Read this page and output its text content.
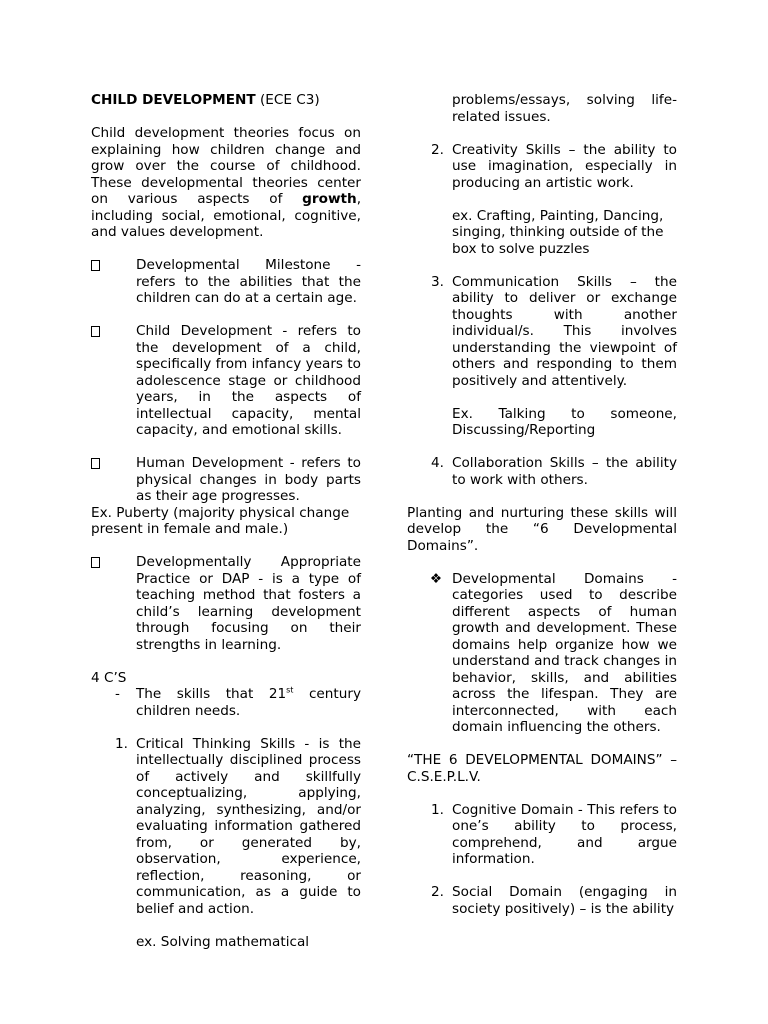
CHILD DEVELOPMENT (ECE C3)

Child development theories focus on explaining how children change and grow over the course of childhood. These developmental theories center on various aspects of growth, including social, emotional, cognitive, and values development.

Developmental Milestone - refers to the abilities that the children can do at a certain age.

Child Development - refers to the development of a child, specifically from infancy years to adolescence stage or childhood years, in the aspects of intellectual capacity, mental capacity, and emotional skills.

Human Development - refers to physical changes in body parts as their age progresses.

Ex. Puberty (majority physical change present in female and male.)

Developmentally Appropriate Practice or DAP - is a type of teaching method that fosters a child’s learning development through focusing on their strengths in learning.

4 C’S

-	The skills that 21st century children needs.

1. Critical Thinking Skills - is the intellectually disciplined process of actively and skillfully conceptualizing, applying, analyzing, synthesizing, and/or evaluating information gathered from, or generated by, observation, experience, reflection, reasoning, or communication, as a guide to belief and action.

ex. Solving mathematical

problems/essays, solving life-related issues.

2. Creativity Skills – the ability to use imagination, especially in producing an artistic work.

ex. Crafting, Painting, Dancing, singing, thinking outside of the box to solve puzzles

3. Communication Skills – the ability to deliver or exchange thoughts with another individual/s. This involves understanding the viewpoint of others and responding to them positively and attentively.

Ex. Talking to someone, Discussing/Reporting

4. Collaboration Skills – the ability to work with others.

Planting and nurturing these skills will develop the “6 Developmental Domains”.

❖ Developmental Domains - categories used to describe different aspects of human growth and development. These domains help organize how we understand and track changes in behavior, skills, and abilities across the lifespan. They are interconnected, with each domain influencing the others.

“THE 6 DEVELOPMENTAL DOMAINS” – C.S.E.P.L.V.

1. Cognitive Domain - This refers to one’s ability to process, comprehend, and argue information.

2. Social Domain (engaging in society positively) – is the ability
